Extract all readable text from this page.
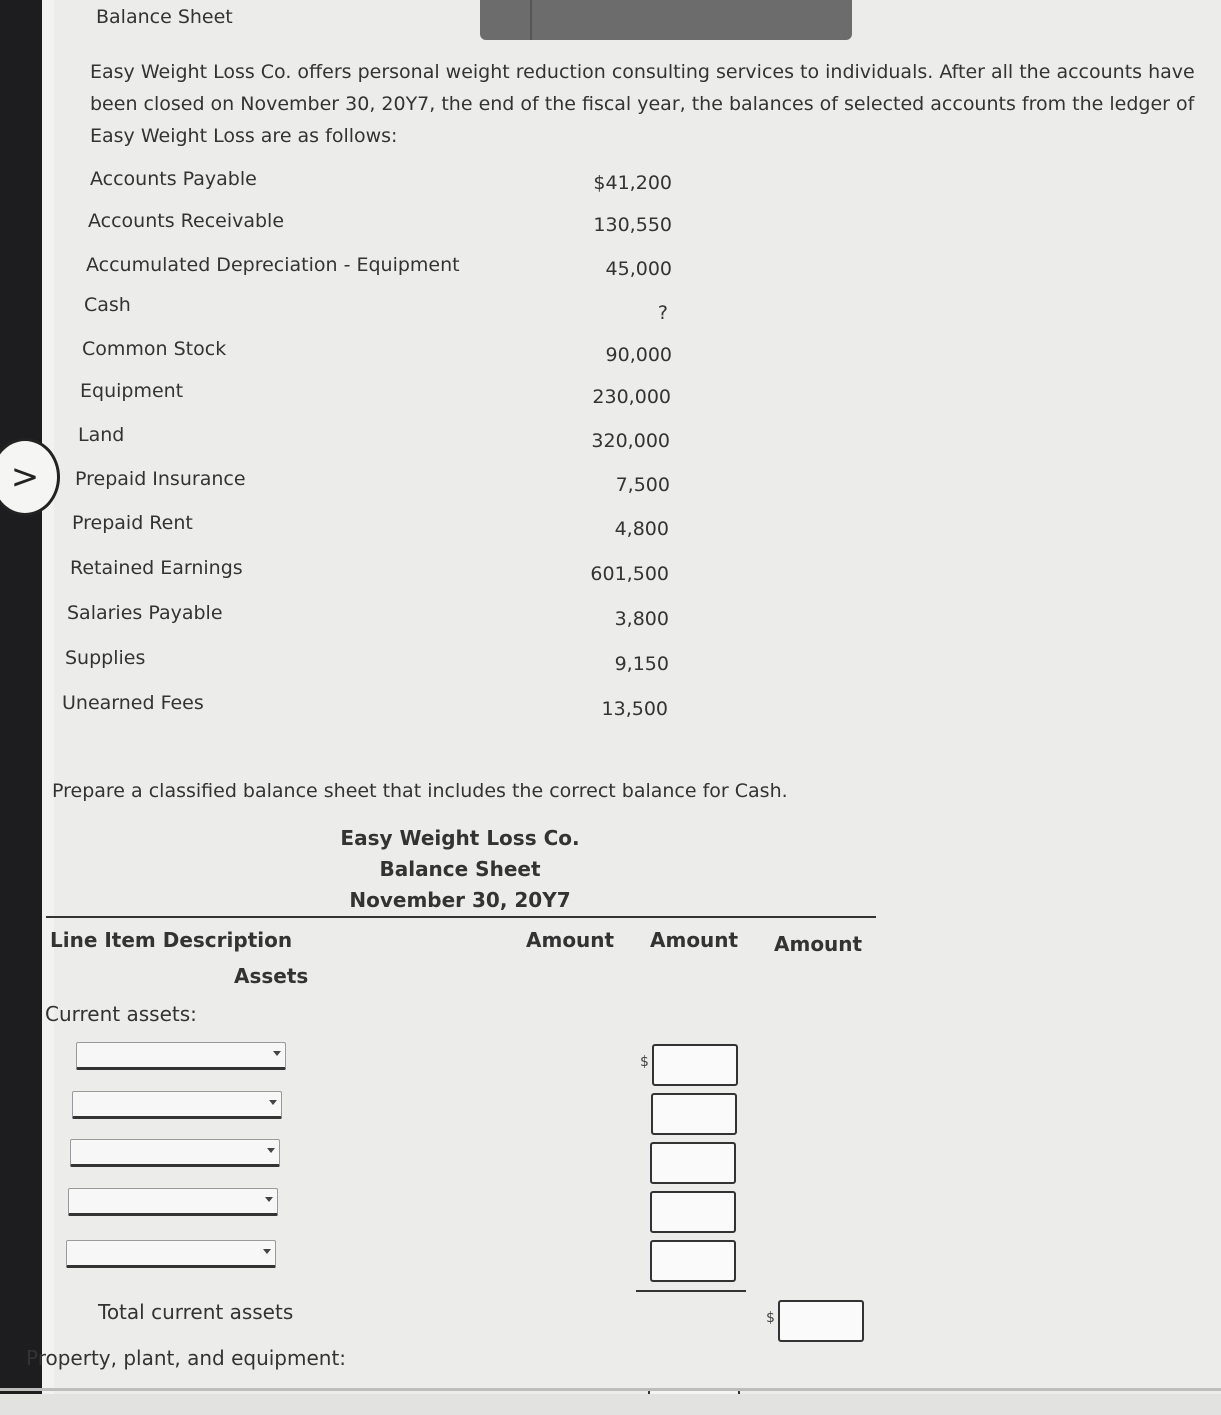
>
Balance Sheet
Easy Weight Loss Co. offers personal weight reduction consulting services to individuals. After all the accounts have been closed on November 30, 20Y7, the end of the fiscal year, the balances of selected accounts from the ledger of Easy Weight Loss are as follows:
Accounts Payable	$41,200
Accounts Receivable	130,550
Accumulated Depreciation - Equipment	45,000
Cash	?
Common Stock	90,000
Equipment	230,000
Land	320,000
Prepaid Insurance	7,500
Prepaid Rent	4,800
Retained Earnings	601,500
Salaries Payable	3,800
Supplies	9,150
Unearned Fees	13,500
Prepare a classified balance sheet that includes the correct balance for Cash.
Easy Weight Loss Co.
Balance Sheet
November 30, 20Y7
Line Item Description	Amount Amount Amount
Assets
Current assets:
$
Total current assets	$
Property, plant, and equipment:
